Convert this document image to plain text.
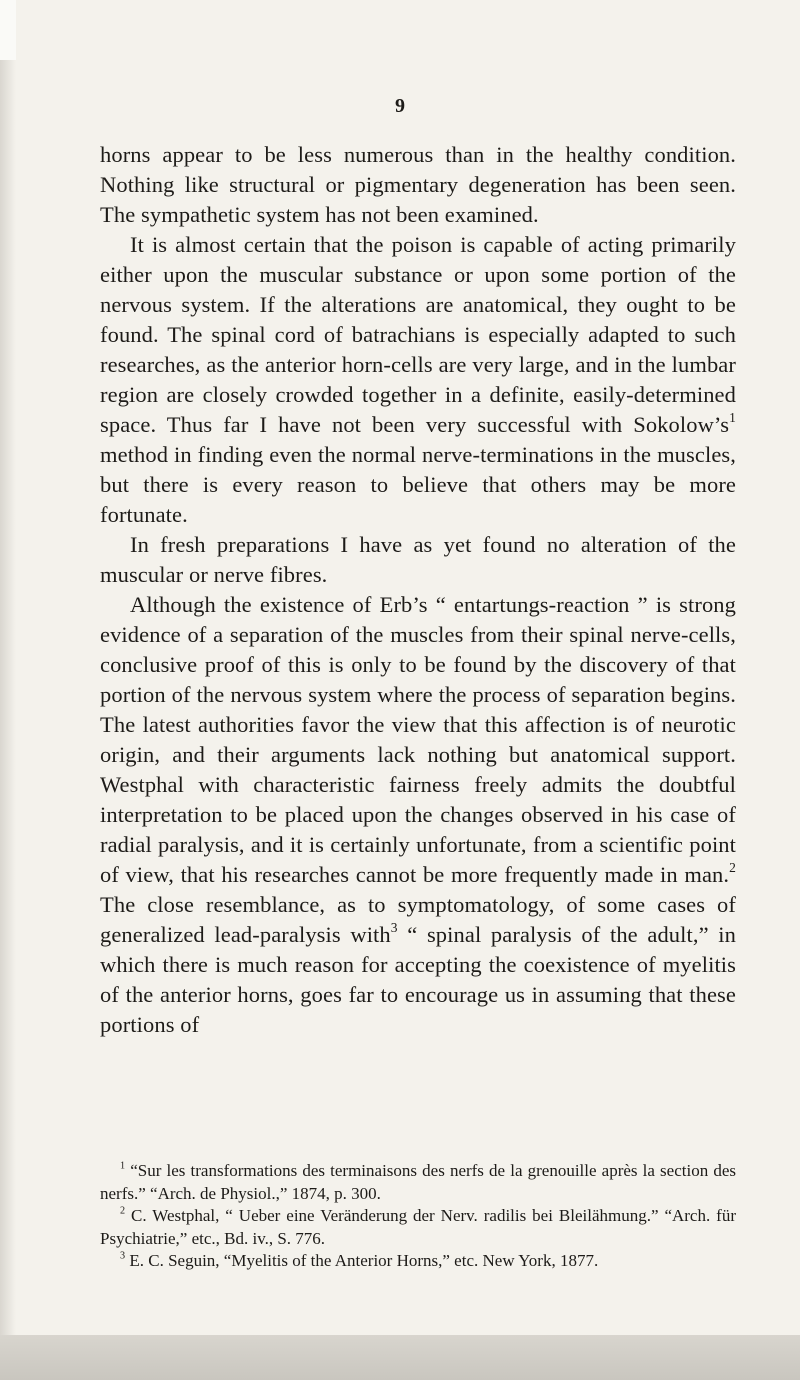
9

horns appear to be less numerous than in the healthy condition. Nothing like structural or pigmentary degeneration has been seen. The sympathetic system has not been examined.

It is almost certain that the poison is capable of acting primarily either upon the muscular substance or upon some portion of the nervous system. If the alterations are anatomical, they ought to be found. The spinal cord of batrachians is especially adapted to such researches, as the anterior horn-cells are very large, and in the lumbar region are closely crowded together in a definite, easily-determined space. Thus far I have not been very successful with $Sokolow’s^1$ method in finding even the normal nerve-terminations in the muscles, but there is every reason to believe that others may be more fortunate.

In fresh preparations I have as yet found no alteration of the muscular or nerve fibres.

Although the existence of Erb’s “ entartungs-reaction ” is strong evidence of a separation of the muscles from their spinal nerve-cells, conclusive proof of this is only to be found by the discovery of that portion of the nervous system where the process of separation begins. The latest authorities favor the view that this affection is of neurotic origin, and their arguments lack nothing but anatomical support. Westphal with characteristic fairness freely admits the doubtful interpretation to be placed upon the changes observed in his case of radial paralysis, and it is certainly unfortunate, from a scientific point of view, that his researches cannot be more frequently made in man.$^2$ The close resemblance, as to symptomatology, of some cases of generalized lead-paralysis with$^3$ “ spinal paralysis of the adult,” in which there is much reason for accepting the coexistence of myelitis of the anterior horns, goes far to encourage us in assuming that these portions of

$^1$ “Sur les transformations des terminaisons des nerfs de la grenouille après la section des nerfs.” “Arch. de Physiol.,” 1874, p. 300.

$^2$ C. Westphal, “ Ueber eine Veränderung der Nerv. radilis bei Bleilähmung.” “Arch. für Psychiatrie,” etc., Bd. iv., S. 776.

$^3$ E. C. Seguin, “Myelitis of the Anterior Horns,” etc. New York, 1877.
